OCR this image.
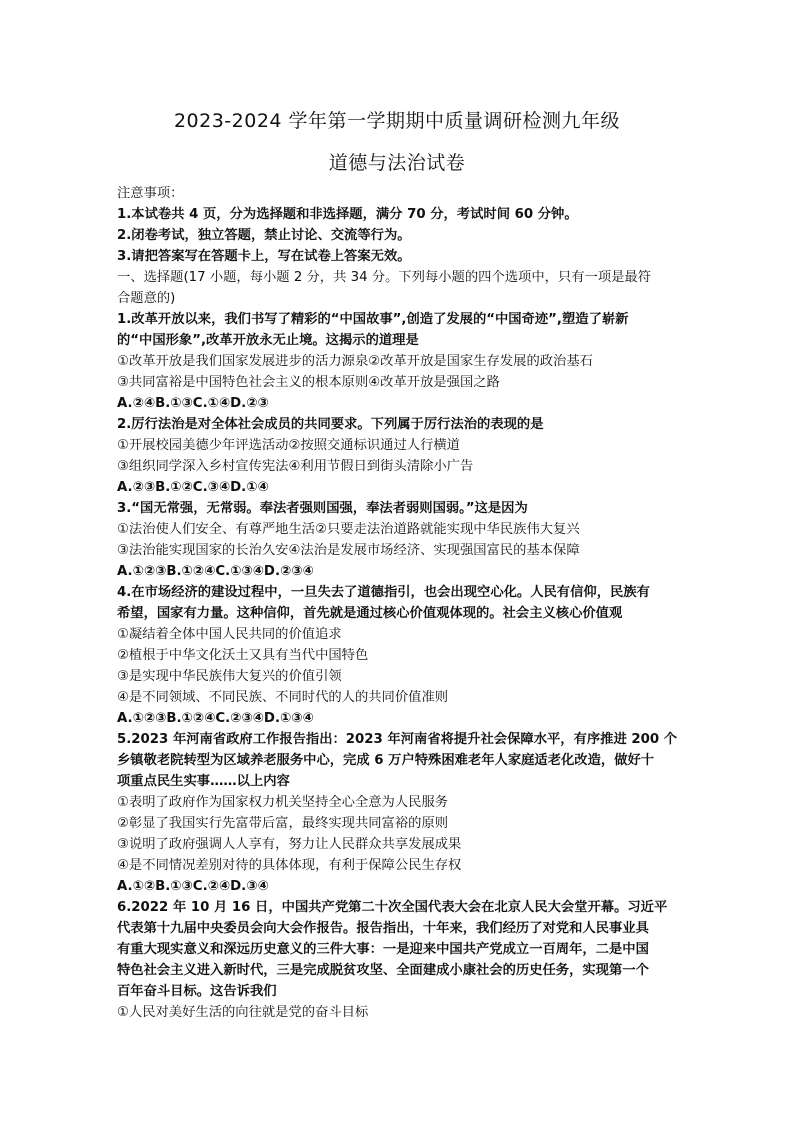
2023-2024 学年第一学期期中质量调研检测九年级
道德与法治试卷
注意事项：
1.本试卷共 4 页，分为选择题和非选择题，满分 70 分，考试时间 60 分钟。
2.闭卷考试，独立答题，禁止讨论、交流等行为。
3.请把答案写在答题卡上，写在试卷上答案无效。
一、选择题(17 小题，每小题 2 分，共 34 分。下列每小题的四个选项中，只有一项是最符
合题意的)
1.改革开放以来，我们书写了精彩的“中国故事”,创造了发展的“中国奇迹”,塑造了崭新
的“中国形象”,改革开放永无止境。这揭示的道理是
①改革开放是我们国家发展进步的活力源泉②改革开放是国家生存发展的政治基石
③共同富裕是中国特色社会主义的根本原则④改革开放是强国之路
A.②④B.①③C.①④D.②③
2.厉行法治是对全体社会成员的共同要求。下列属于厉行法治的表现的是
①开展校园美德少年评选活动②按照交通标识通过人行横道
③组织同学深入乡村宣传宪法④利用节假日到街头清除小广告
A.②③B.①②C.③④D.①④
3.“国无常强，无常弱。奉法者强则国强，奉法者弱则国弱。”这是因为
①法治使人们安全、有尊严地生活②只要走法治道路就能实现中华民族伟大复兴
③法治能实现国家的长治久安④法治是发展市场经济、实现强国富民的基本保障
A.①②③B.①②④C.①③④D.②③④
4.在市场经济的建设过程中，一旦失去了道德指引，也会出现空心化。人民有信仰，民族有
希望，国家有力量。这种信仰，首先就是通过核心价值观体现的。社会主义核心价值观
①凝结着全体中国人民共同的价值追求
②植根于中华文化沃土又具有当代中国特色
③是实现中华民族伟大复兴的价值引领
④是不同领域、不同民族、不同时代的人的共同价值准则
A.①②③B.①②④C.②③④D.①③④
5.2023 年河南省政府工作报告指出：2023 年河南省将提升社会保障水平，有序推进 200 个
乡镇敬老院转型为区域养老服务中心，完成 6 万户特殊困难老年人家庭适老化改造，做好十
项重点民生实事……以上内容
①表明了政府作为国家权力机关坚持全心全意为人民服务
②彰显了我国实行先富带后富，最终实现共同富裕的原则
③说明了政府强调人人享有，努力让人民群众共享发展成果
④是不同情况差别对待的具体体现，有利于保障公民生存权
A.①②B.①③C.②④D.③④
6.2022 年 10 月 16 日，中国共产党第二十次全国代表大会在北京人民大会堂开幕。习近平
代表第十九届中央委员会向大会作报告。报告指出，十年来，我们经历了对党和人民事业具
有重大现实意义和深远历史意义的三件大事：一是迎来中国共产党成立一百周年，二是中国
特色社会主义进入新时代，三是完成脱贫攻坚、全面建成小康社会的历史任务，实现第一个
百年奋斗目标。这告诉我们
①人民对美好生活的向往就是党的奋斗目标
